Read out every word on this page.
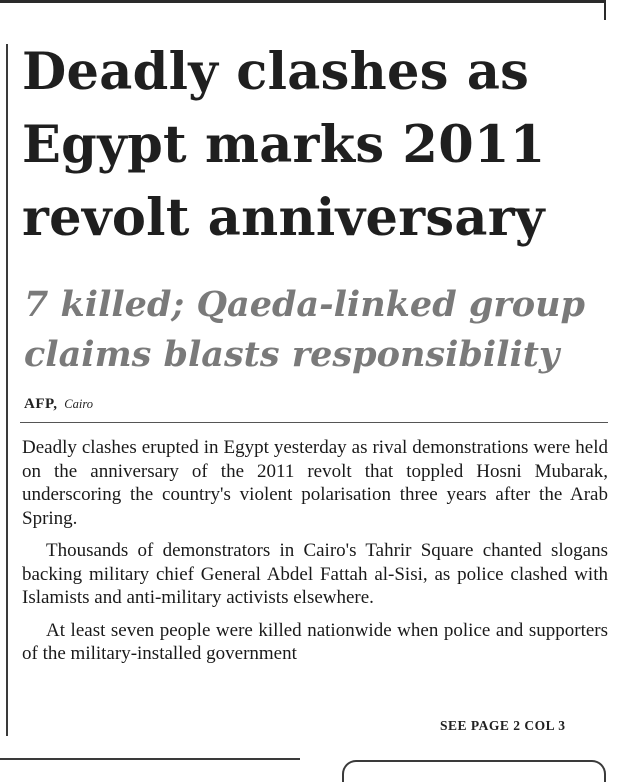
Deadly clashes as Egypt marks 2011 revolt anniversary
7 killed; Qaeda-linked group claims blasts responsibility
AFP, Cairo

Deadly clashes erupted in Egypt yesterday as rival demonstrations were held on the anniversary of the 2011 revolt that toppled Hosni Mubarak, underscoring the country's violent polarisation three years after the Arab Spring.

Thousands of demonstrators in Cairo's Tahrir Square chanted slogans backing military chief General Abdel Fattah al-Sisi, as police clashed with Islamists and anti-military activists elsewhere.

At least seven people were killed nationwide when police and supporters of the military-installed government

SEE PAGE 2 COL 3
